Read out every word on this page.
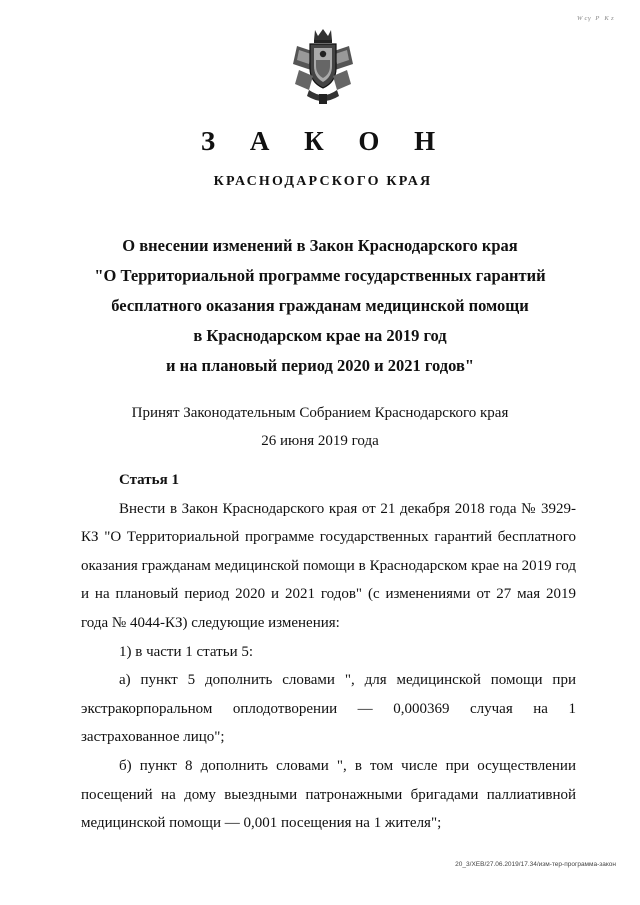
ᵂᶜᵞ ᴾ ᴷᶻ
З А К О Н
КРАСНОДАРСКОГО КРАЯ
О внесении изменений в Закон Краснодарского края
"О Территориальной программе государственных гарантий
бесплатного оказания гражданам медицинской помощи
в Краснодарском крае на 2019 год
и на плановый период 2020 и 2021 годов"
Принят Законодательным Собранием Краснодарского края
26 июня 2019 года
Статья 1

Внести в Закон Краснодарского края от 21 декабря 2018 года № 3929-КЗ "О Территориальной программе государственных гарантий бесплатного оказания гражданам медицинской помощи в Краснодарском крае на 2019 год и на плановый период 2020 и 2021 годов" (с изменениями от 27 мая 2019 года № 4044-КЗ) следующие изменения:

1) в части 1 статьи 5:

а) пункт 5 дополнить словами ", для медицинской помощи при экстракорпоральном оплодотворении — 0,000369 случая на 1 застрахованное лицо";

б) пункт 8 дополнить словами ", в том числе при осуществлении посещений на дому выездными патронажными бригадами паллиативной медицинской помощи — 0,001 посещения на 1 жителя";

20_3/ХЕВ/27.06.2019/17.34/изм-тер-программа-закон
